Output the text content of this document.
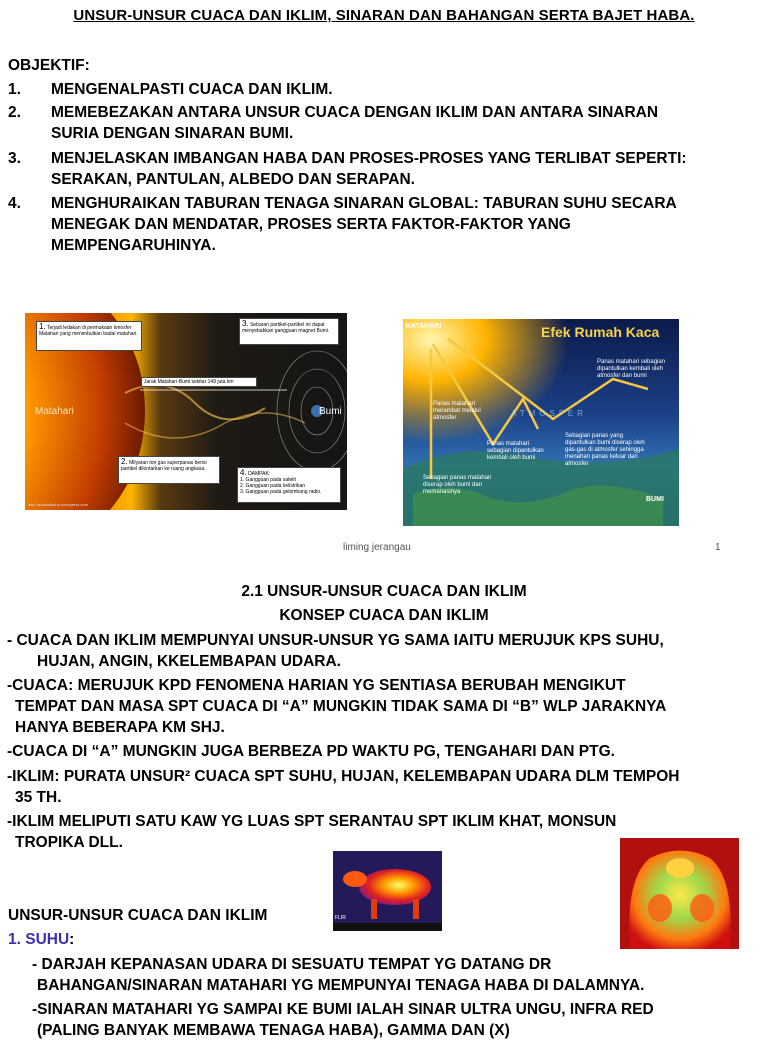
UNSUR-UNSUR CUACA DAN IKLIM, SINARAN DAN BAHANGAN SERTA BAJET HABA.
OBJEKTIF:
1.	MENGENALPASTI CUACA DAN IKLIM.
2.	MEMEBEZAKAN ANTARA UNSUR CUACA DENGAN IKLIM DAN ANTARA SINARAN
SURIA DENGAN SINARAN BUMI.
3.	MENJELASKAN IMBANGAN HABA DAN PROSES-PROSES YANG TERLIBAT SEPERTI:
SERAKAN, PANTULAN, ALBEDO DAN SERAPAN.
4.	MENGHURAIKAN TABURAN TENAGA SINARAN GLOBAL: TABURAN SUHU SECARA
MENEGAK DAN MENDATAR, PROSES SERTA FAKTOR-FAKTOR YANG
MEMPENGARUHINYA.
Matahari	Bumi
1. Terjadi ledakan di permukaan lonosfer Matahari yang menimbulkan badai matahari.
3. Sebaran partikel-partikel ini dapat menyebabkan gangguan magnet Bumi.
Jarak Matahari-Bumi sekitar 149 juta km
2. Milyaran ton gas superpanas berisi partikel dilontarkan ke ruang angkasa.	4. DAMPAK:
1. Gangguan pada satelit
2. Gangguan pada kelistrikan
3. Gangguan pada gelombang radio.
http://ahasatfasha.wordpress.com
MATAHARI	Efek Rumah Kaca
Panas matahari sebagian dipantulkan kembali oleh atmosfer dan bumi
Panas matahari merambat melalui atmosfer	ATMOSFER
Panas matahari sebagian dipantulkan kembali oleh bumi
Sebagian panas yang dipantulkan bumi diserap oleh gas-gas di atmosfer sehingga menahan panas keluar dari atmosfer
Sebagian panas matahari diserap oleh bumi dan memanasinya
BUMI
liming jerangau	1
2.1 UNSUR-UNSUR CUACA DAN IKLIM
KONSEP CUACA DAN IKLIM
- CUACA DAN IKLIM MEMPUNYAI UNSUR-UNSUR YG SAMA IAITU MERUJUK KPS SUHU,
HUJAN, ANGIN, KKELEMBAPAN UDARA.
-CUACA: MERUJUK KPD FENOMENA HARIAN YG SENTIASA BERUBAH MENGIKUT
TEMPAT DAN MASA SPT CUACA DI “A” MUNGKIN TIDAK SAMA DI “B” WLP JARAKNYA
HANYA BEBERAPA KM SHJ.
-CUACA DI “A” MUNGKIN JUGA BERBEZA PD WAKTU PG, TENGAHARI DAN PTG.
-IKLIM: PURATA UNSUR² CUACA SPT SUHU, HUJAN, KELEMBAPAN UDARA DLM TEMPOH
35 TH.
-IKLIM MELIPUTI SATU KAW YG LUAS SPT SERANTAU SPT IKLIM KHAT, MONSUN
TROPIKA DLL.
FLIR
UNSUR-UNSUR CUACA DAN IKLIM
1. SUHU:
- DARJAH KEPANASAN UDARA DI SESUATU TEMPAT YG DATANG DR
BAHANGAN/SINARAN MATAHARI YG MEMPUNYAI TENAGA HABA DI DALAMNYA.
-SINARAN MATAHARI YG SAMPAI KE BUMI IALAH SINAR ULTRA UNGU, INFRA RED
(PALING BANYAK MEMBAWA TENAGA HABA), GAMMA DAN (X)
